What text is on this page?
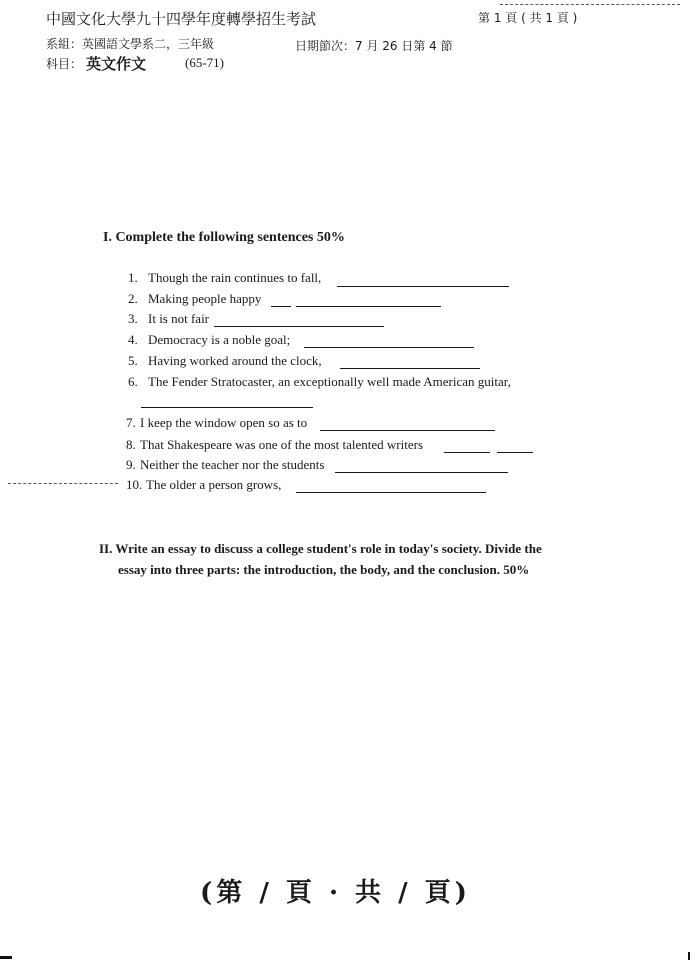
中國文化大學九十四學年度轉學招生考試	第 1 頁 ( 共 1 頁 )
系組：英國語文學系二，三年級	日期節次：7 月 26 日第 4 節
科目： 英文作文	(65-71)
I. Complete the following sentences 50%
1. Though the rain continues to fall,
2. Making people happy
3. It is not fair
4. Democracy is a noble goal;
5. Having worked around the clock,
6. The Fender Stratocaster, an exceptionally well made American guitar,
7. I keep the window open so as to
8. That Shakespeare was one of the most talented writers
9. Neither the teacher nor the students
10. The older a person grows,
II. Write an essay to discuss a college student's role in today's society. Divide the
essay into three parts: the introduction, the body, and the conclusion. 50%
(第 / 頁 · 共 / 頁)
